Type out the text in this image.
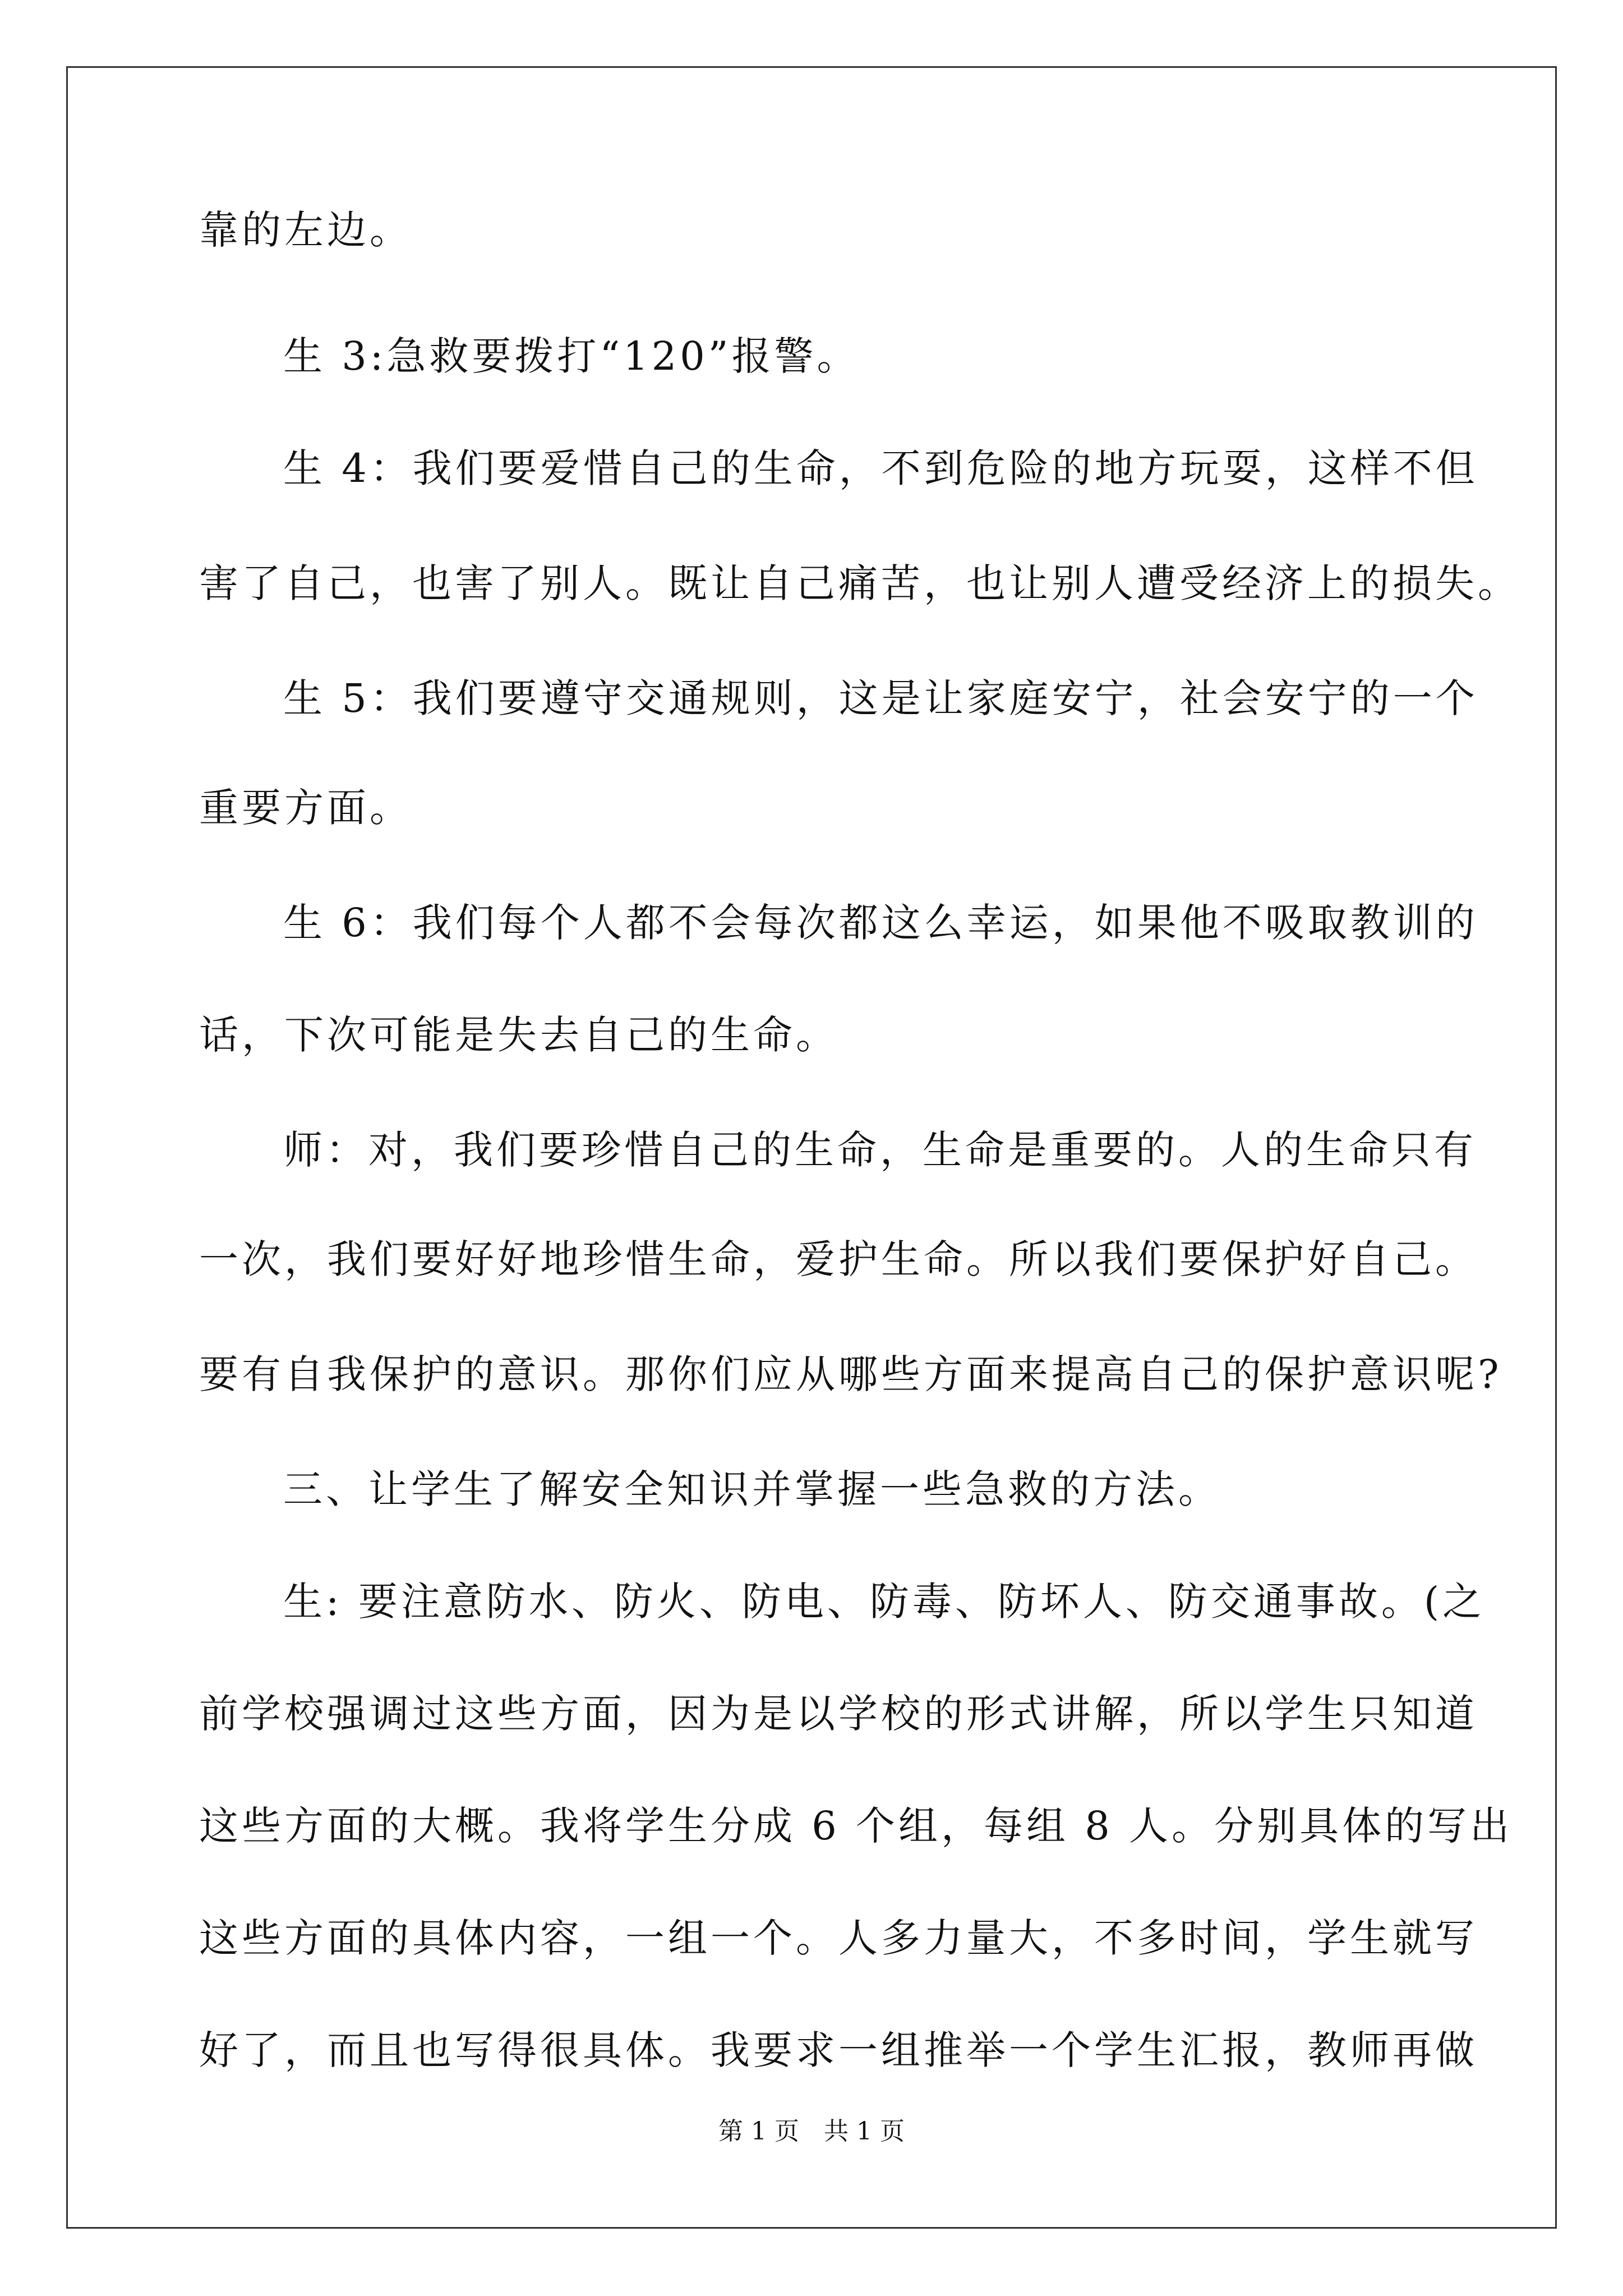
靠的左边。
生 3:急救要拨打“120”报警。
生 4：我们要爱惜自己的生命，不到危险的地方玩耍，这样不但
害了自己，也害了别人。既让自己痛苦，也让别人遭受经济上的损失。
生 5：我们要遵守交通规则，这是让家庭安宁，社会安宁的一个
重要方面。
生 6：我们每个人都不会每次都这么幸运，如果他不吸取教训的
话，下次可能是失去自己的生命。
师：对，我们要珍惜自己的生命，生命是重要的。人的生命只有
一次，我们要好好地珍惜生命，爱护生命。所以我们要保护好自己。
要有自我保护的意识。那你们应从哪些方面来提高自己的保护意识呢?
三、让学生了解安全知识并掌握一些急救的方法。
生: 要注意防水、防火、防电、防毒、防坏人、防交通事故。(之
前学校强调过这些方面，因为是以学校的形式讲解，所以学生只知道
这些方面的大概。我将学生分成 6 个组，每组 8 人。分别具体的写出
这些方面的具体内容，一组一个。人多力量大，不多时间，学生就写
好了，而且也写得很具体。我要求一组推举一个学生汇报，教师再做
第 1 页　共 1 页
